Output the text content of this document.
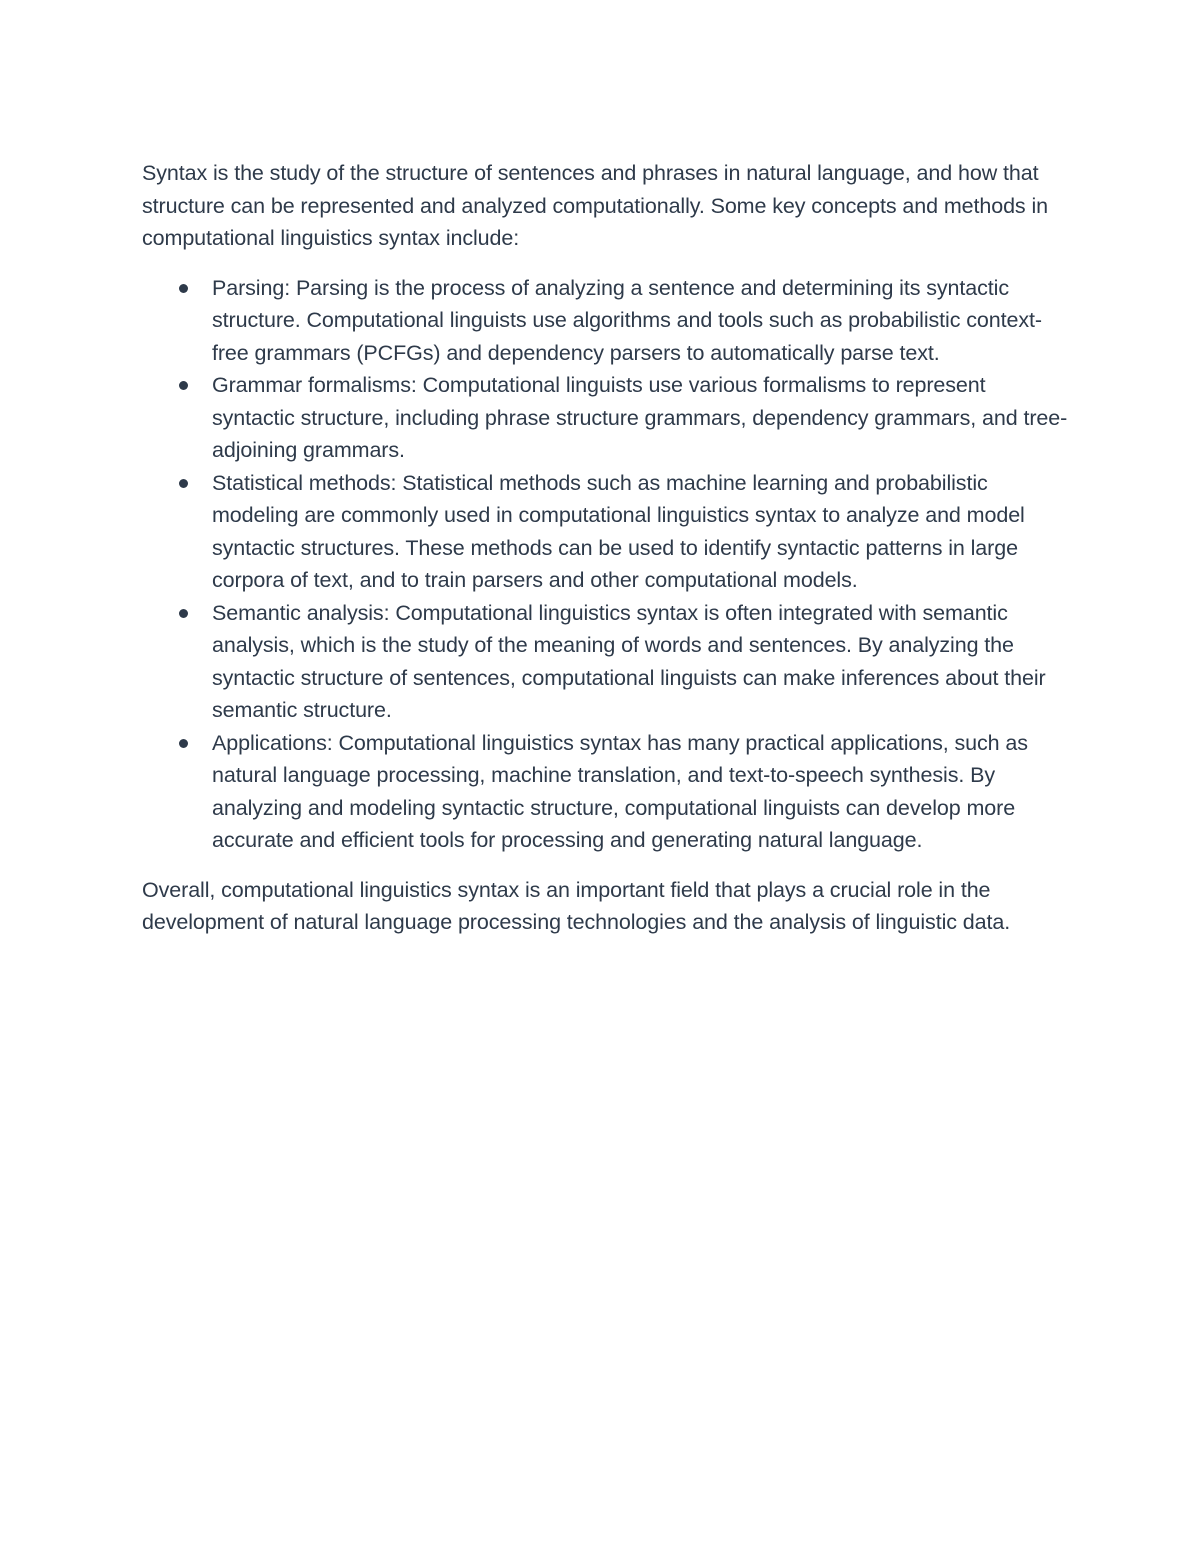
Syntax is the study of the structure of sentences and phrases in natural language, and how that structure can be represented and analyzed computationally. Some key concepts and methods in computational linguistics syntax include:

Parsing: Parsing is the process of analyzing a sentence and determining its syntactic structure. Computational linguists use algorithms and tools such as probabilistic context-free grammars (PCFGs) and dependency parsers to automatically parse text.
Grammar formalisms: Computational linguists use various formalisms to represent syntactic structure, including phrase structure grammars, dependency grammars, and tree-adjoining grammars.
Statistical methods: Statistical methods such as machine learning and probabilistic modeling are commonly used in computational linguistics syntax to analyze and model syntactic structures. These methods can be used to identify syntactic patterns in large corpora of text, and to train parsers and other computational models.
Semantic analysis: Computational linguistics syntax is often integrated with semantic analysis, which is the study of the meaning of words and sentences. By analyzing the syntactic structure of sentences, computational linguists can make inferences about their semantic structure.
Applications: Computational linguistics syntax has many practical applications, such as natural language processing, machine translation, and text-to-speech synthesis. By analyzing and modeling syntactic structure, computational linguists can develop more accurate and efficient tools for processing and generating natural language.

Overall, computational linguistics syntax is an important field that plays a crucial role in the development of natural language processing technologies and the analysis of linguistic data.
